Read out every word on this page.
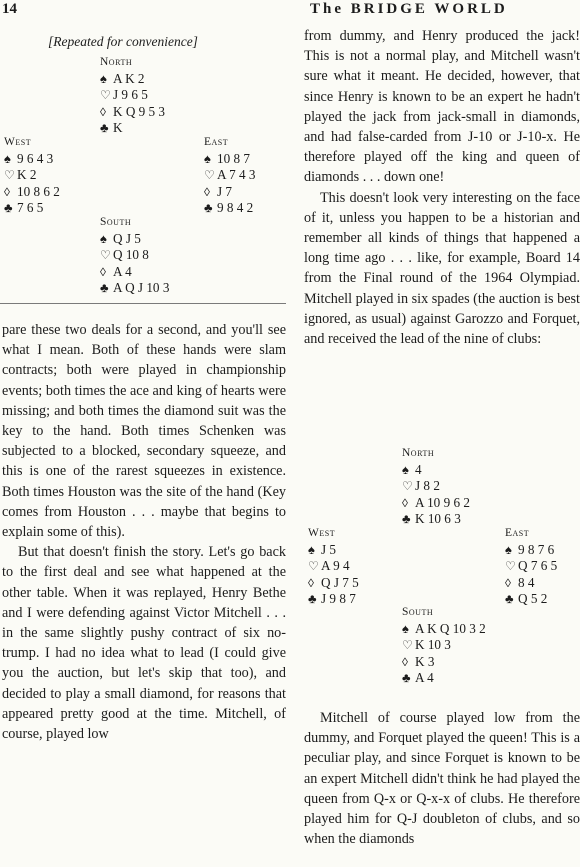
14	The BRIDGE WORLD
[Repeated for convenience]
North
♠ A K 2
♡ J 9 6 5
◊ K Q 9 5 3
♣ K
West
♠ 9 6 4 3
♡ K 2
◊ 10 8 6 2
♣ 7 6 5
East
♠ 10 8 7
♡ A 7 4 3
◊ J 7
♣ 9 8 4 2
South
♠ Q J 5
♡ Q 10 8
◊ A 4
♣ A Q J 10 3

pare these two deals for a second, and you'll see what I mean. Both of these hands were slam contracts; both were played in championship events; both times the ace and king of hearts were missing; and both times the diamond suit was the key to the hand. Both times Schenken was subjected to a blocked, secondary squeeze, and this is one of the rarest squeezes in existence. Both times Houston was the site of the hand (Key comes from Houston . . . maybe that begins to explain some of this).

But that doesn't finish the story. Let's go back to the first deal and see what happened at the other table. When it was replayed, Henry Bethe and I were defending against Victor Mitchell . . . in the same slightly pushy contract of six no-trump. I had no idea what to lead (I could give you the auction, but let's skip that too), and decided to play a small diamond, for reasons that appeared pretty good at the time. Mitchell, of course, played low

from dummy, and Henry produced the jack! This is not a normal play, and Mitchell wasn't sure what it meant. He decided, however, that since Henry is known to be an expert he hadn't played the jack from jack-small in diamonds, and had false-carded from J-10 or J-10-x. He therefore played off the king and queen of diamonds . . . down one!

This doesn't look very interesting on the face of it, unless you happen to be a historian and remember all kinds of things that happened a long time ago . . . like, for example, Board 14 from the Final round of the 1964 Olympiad. Mitchell played in six spades (the auction is best ignored, as usual) against Garozzo and Forquet, and received the lead of the nine of clubs:

North
♠ 4
♡ J 8 2
◊ A 10 9 6 2
♣ K 10 6 3
West
♠ J 5
♡ A 9 4
◊ Q J 7 5
♣ J 9 8 7
East
♠ 9 8 7 6
♡ Q 7 6 5
◊ 8 4
♣ Q 5 2
South
♠ A K Q 10 3 2
♡ K 10 3
◊ K 3
♣ A 4

Mitchell of course played low from the dummy, and Forquet played the queen! This is a peculiar play, and since Forquet is known to be an expert Mitchell didn't think he had played the queen from Q-x or Q-x-x of clubs. He therefore played him for Q-J doubleton of clubs, and so when the diamonds
